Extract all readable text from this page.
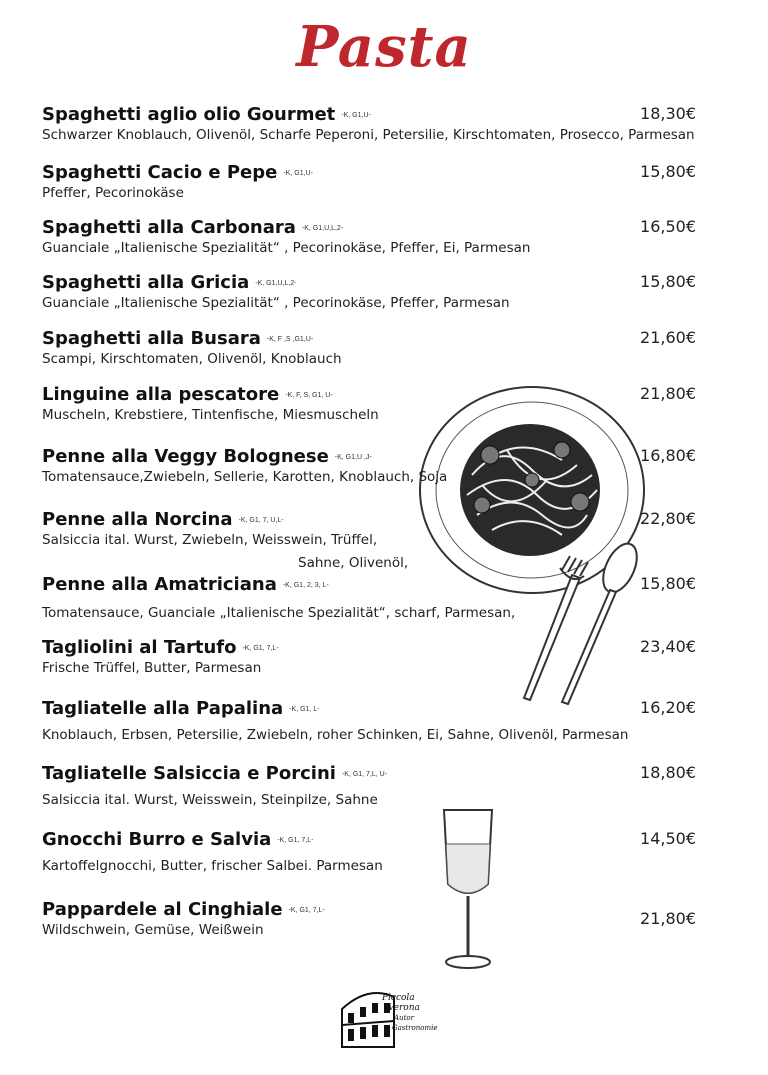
Pasta
Spaghetti aglio olio Gourmet -K, G1,U-	18,30€
Schwarzer Knoblauch, Olivenöl, Scharfe Peperoni, Petersilie, Kirschtomaten, Prosecco, Parmesan
Spaghetti Cacio e Pepe -K, G1,U-	15,80€
Pfeffer, Pecorinokäse
Spaghetti alla Carbonara -K, G1,U,L,2-	16,50€
Guanciale „Italienische Spezialität“ , Pecorinokäse, Pfeffer, Ei, Parmesan
Spaghetti alla Gricia -K, G1,U,L,2-	15,80€
Guanciale „Italienische Spezialität“ , Pecorinokäse, Pfeffer, Parmesan
Spaghetti alla Busara -K, F ,S ,G1,U-	21,60€
Scampi, Kirschtomaten, Olivenöl, Knoblauch
Linguine alla pescatore -K, F, S, G1, U-	21,80€
Muscheln, Krebstiere, Tintenfische, Miesmuscheln
Penne alla Veggy Bolognese -K, G1,U ,J-	16,80€
Tomatensauce,Zwiebeln, Sellerie, Karotten, Knoblauch, Soja
Penne alla Norcina -K, G1, 7, U,L-	22,80€
Salsiccia ital. Wurst, Zwiebeln, Weisswein, Trüffel,
Sahne, Olivenöl,
Penne alla Amatriciana -K, G1, 2, 3, L-	15,80€
Tomatensauce, Guanciale „Italienische Spezialität“, scharf, Parmesan,
Tagliolini al Tartufo -K, G1, 7,L-	23,40€
Frische Trüffel, Butter, Parmesan
Tagliatelle alla Papalina -K, G1, L-	16,20€
Knoblauch, Erbsen, Petersilie, Zwiebeln, roher Schinken, Ei, Sahne, Olivenöl, Parmesan
Tagliatelle Salsiccia e Porcini -K, G1, 7,L, U-	18,80€
Salsiccia ital. Wurst, Weisswein, Steinpilze, Sahne
Gnocchi Burro e Salvia -K, G1, 7,L-	14,50€
Kartoffelgnocchi, Butter, frischer Salbei. Parmesan
Pappardele al Cinghiale -K, G1, 7,L-	21,80€
Wildschwein, Gemüse, Weißwein
Piccola
Verona
Autor
Gastronomie
